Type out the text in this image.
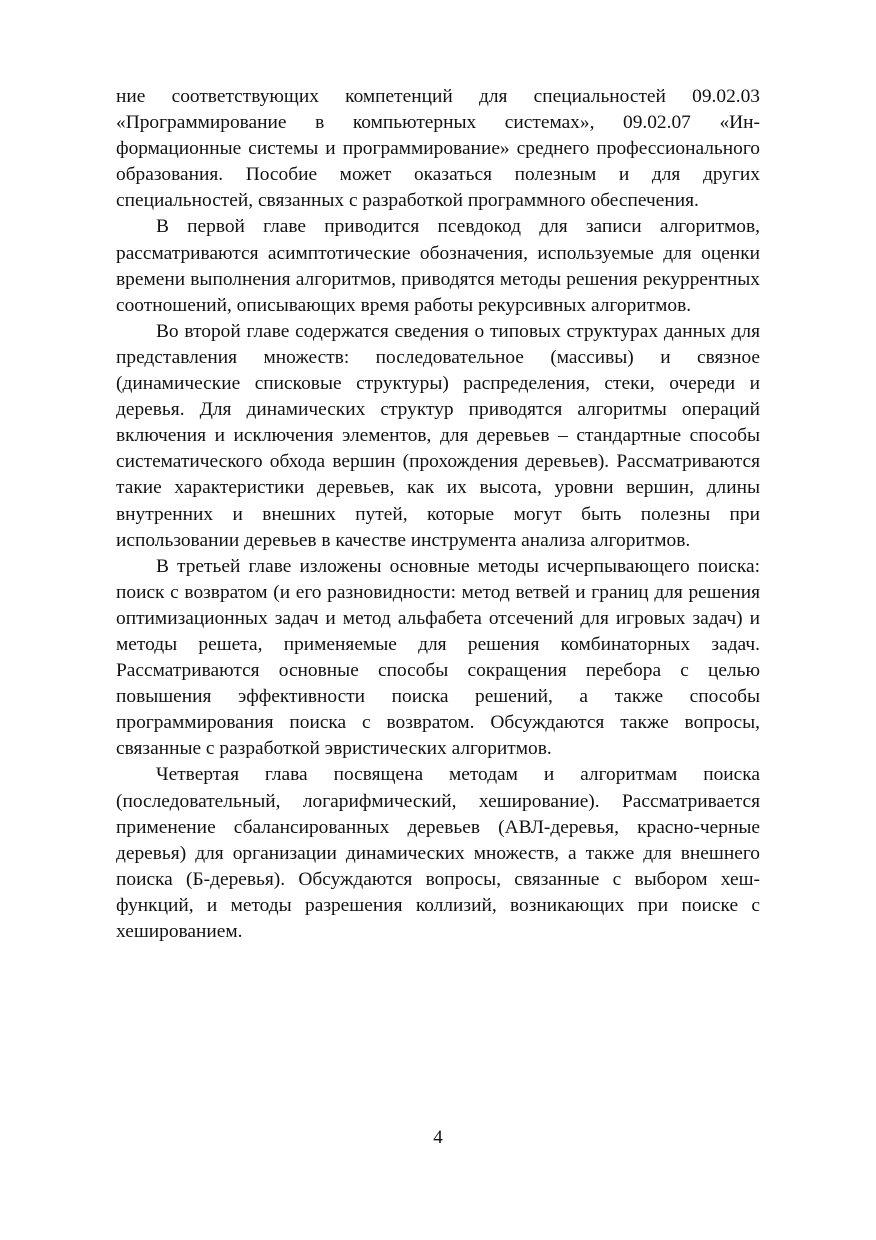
ние соответствующих компетенций для специальностей 09.02.03 «Программирование в компьютерных системах», 09.02.07 «Информационные системы и программирование» среднего профессионального образования. Пособие может оказаться полезным и для других специальностей, связанных с разработкой программного обеспечения.

В первой главе приводится псевдокод для записи алгоритмов, рассматриваются асимптотические обозначения, используемые для оценки времени выполнения алгоритмов, приводятся методы решения рекуррентных соотношений, описывающих время работы рекурсивных алгоритмов.

Во второй главе содержатся сведения о типовых структурах данных для представления множеств: последовательное (массивы) и связное (динамические списковые структуры) распределения, стеки, очереди и деревья. Для динамических структур приводятся алгоритмы операций включения и исключения элементов, для деревьев – стандартные способы систематического обхода вершин (прохождения деревьев). Рассматриваются такие характеристики деревьев, как их высота, уровни вершин, длины внутренних и внешних путей, которые могут быть полезны при использовании деревьев в качестве инструмента анализа алгоритмов.

В третьей главе изложены основные методы исчерпывающего поиска: поиск с возвратом (и его разновидности: метод ветвей и границ для решения оптимизационных задач и метод альфабета отсечений для игровых задач) и методы решета, применяемые для решения комбинаторных задач. Рассматриваются основные способы сокращения перебора с целью повышения эффективности поиска решений, а также способы программирования поиска с возвратом. Обсуждаются также вопросы, связанные с разработкой эвристических алгоритмов.

Четвертая глава посвящена методам и алгоритмам поиска (последовательный, логарифмический, хеширование). Рассматривается применение сбалансированных деревьев (АВЛ-деревья, красно-черные деревья) для организации динамических множеств, а также для внешнего поиска (Б-деревья). Обсуждаются вопросы, связанные с выбором хеш-функций, и методы разрешения коллизий, возникающих при поиске с хешированием.

4
